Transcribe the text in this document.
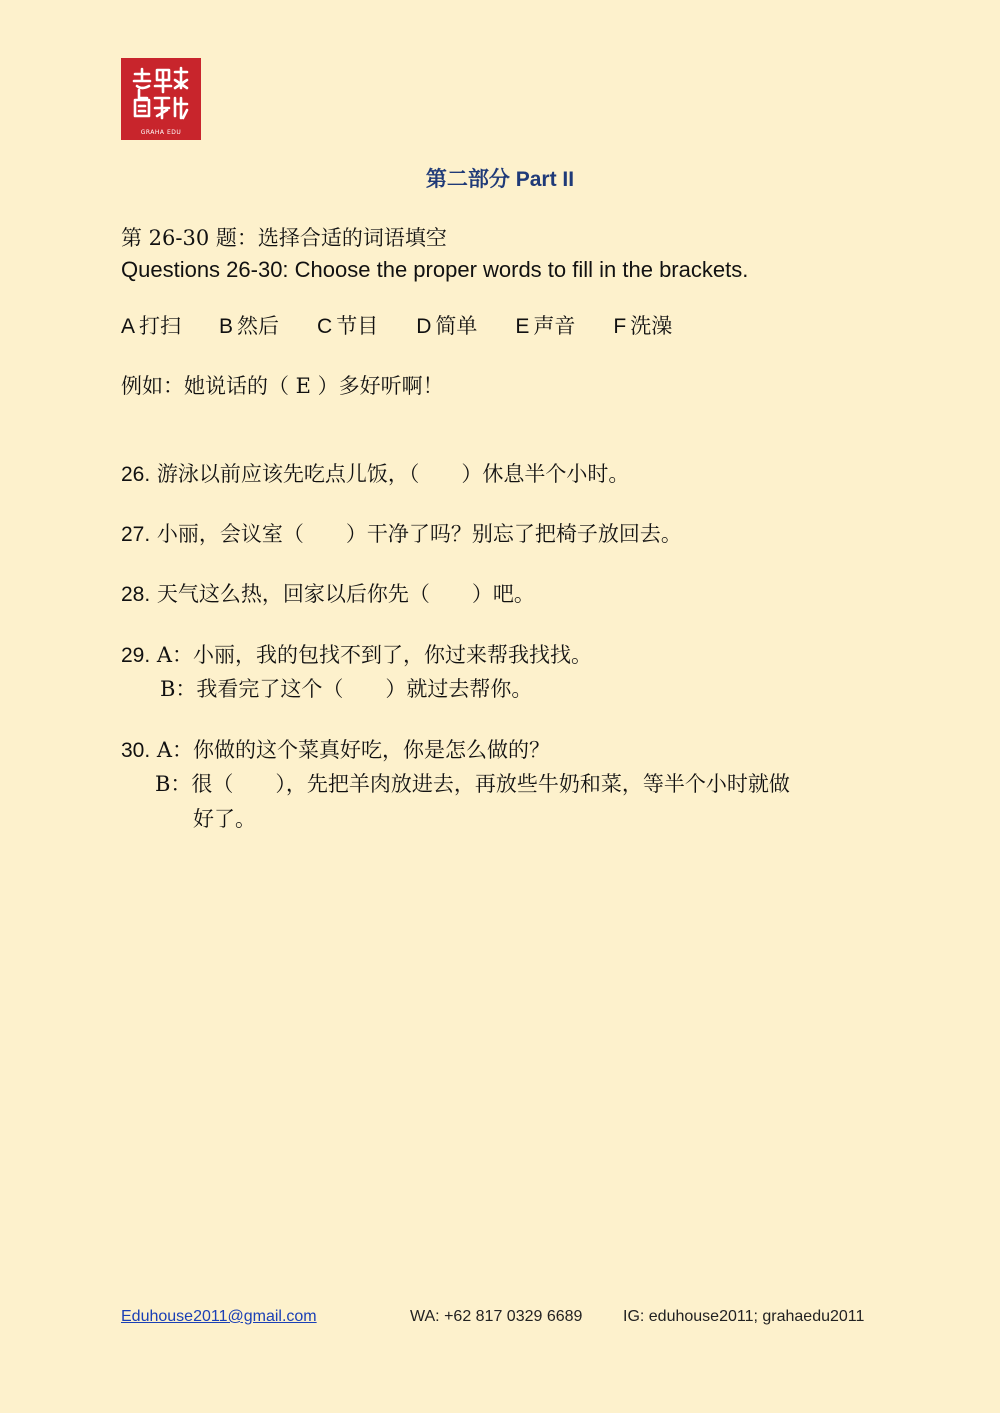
GRAHA EDU
第二部分 Part II
第 26-30 题：选择合适的词语填空
Questions 26-30: Choose the proper words to fill in the brackets.
A 打扫 B 然后 C 节目 D 简单 E 声音 F 洗澡
例如：她说话的（ E ）多好听啊！
26. 游泳以前应该先吃点儿饭，（　　）休息半个小时。
27. 小丽，会议室（　　）干净了吗？别忘了把椅子放回去。
28. 天气这么热，回家以后你先（　　）吧。
29. A：小丽，我的包找不到了，你过来帮我找找。
B：我看完了这个（　　）就过去帮你。
30. A：你做的这个菜真好吃，你是怎么做的？
B：很（　　），先把羊肉放进去，再放些牛奶和菜，等半个小时就做
好了。
Eduhouse2011@gmail.com	WA: +62 817 0329 6689	IG: eduhouse2011; grahaedu2011
